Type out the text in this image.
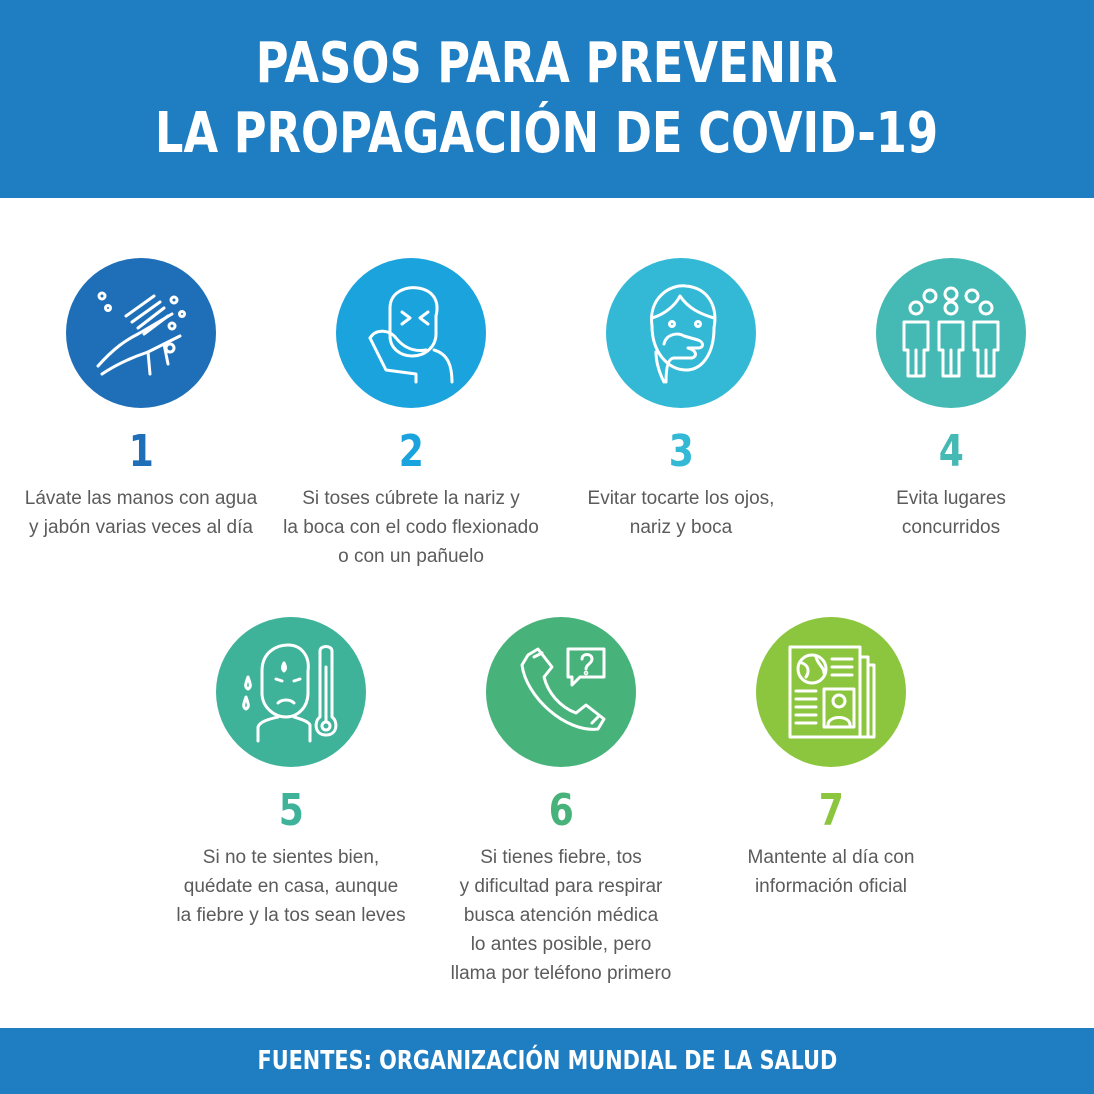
PASOS PARA PREVENIR
LA PROPAGACIÓN DE COVID-19
1
Lávate las manos con agua
y jabón varias veces al día
2
Si toses cúbrete la nariz y
la boca con el codo flexionado
o con un pañuelo
3
Evitar tocarte los ojos,
nariz y boca
4
Evita lugares
concurridos
5
Si no te sientes bien,
quédate en casa, aunque
la fiebre y la tos sean leves
6
Si tienes fiebre, tos
y dificultad para respirar
busca atención médica
lo antes posible, pero
llama por teléfono primero
7
Mantente al día con
información oficial
FUENTES: ORGANIZACIÓN MUNDIAL DE LA SALUD
